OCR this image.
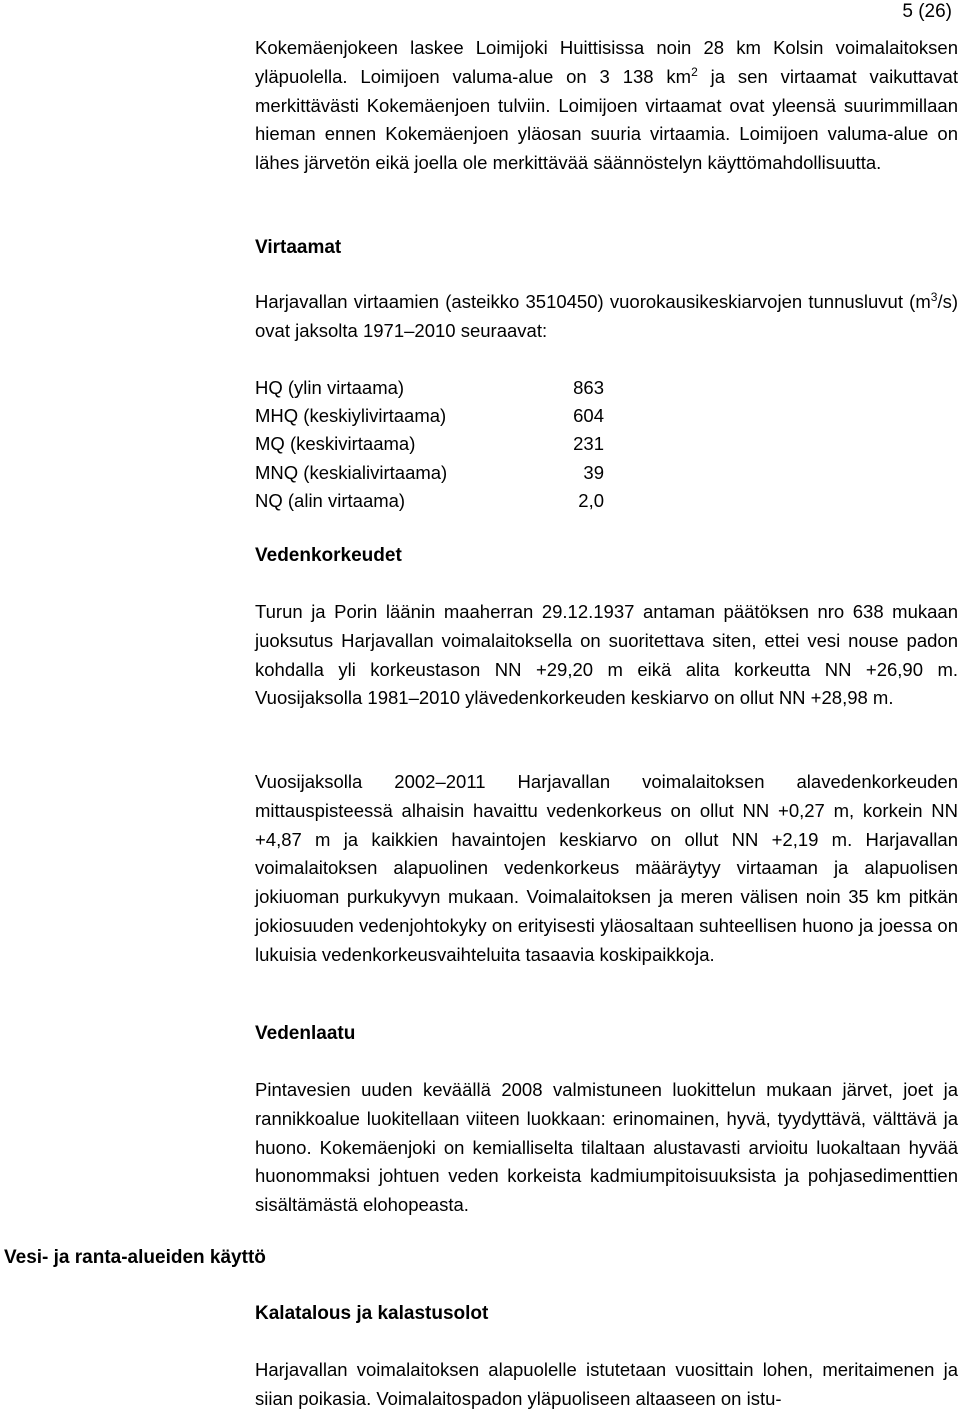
5 (26)

Kokemäenjokeen laskee Loimijoki Huittisissa noin 28 km Kolsin voimalaitoksen yläpuolella. Loimijoen valuma-alue on 3 138 $km^2$ ja sen virtaamat vaikuttavat merkittävästi Kokemäenjoen tulviin. Loimijoen virtaamat ovat yleensä suurimmillaan hieman ennen Kokemäenjoen yläosan suuria virtaamia. Loimijoen valuma-alue on lähes järvetön eikä joella ole merkittävää säännöstelyn käyttömahdollisuutta.

Virtaamat

Harjavallan virtaamien (asteikko 3510450) vuorokausikeskiarvojen tunnusluvut $(m^3/s)$ ovat jaksolta 1971–2010 seuraavat:

HQ (ylin virtaama)	863
MHQ (keskiylivirtaama)	604
MQ (keskivirtaama)	231
MNQ (keskialivirtaama)	39
NQ (alin virtaama)	2,0
Vedenkorkeudet

Turun ja Porin läänin maaherran 29.12.1937 antaman päätöksen nro 638 mukaan juoksutus Harjavallan voimalaitoksella on suoritettava siten, ettei vesi nouse padon kohdalla yli korkeustason NN +29,20 m eikä alita korkeutta NN +26,90 m. Vuosijaksolla 1981–2010 ylävedenkorkeuden keskiarvo on ollut NN +28,98 m.

Vuosijaksolla 2002–2011 Harjavallan voimalaitoksen alavedenkorkeuden mittauspisteessä alhaisin havaittu vedenkorkeus on ollut NN +0,27 m, korkein NN +4,87 m ja kaikkien havaintojen keskiarvo on ollut NN +2,19 m. Harjavallan voimalaitoksen alapuolinen vedenkorkeus määräytyy virtaaman ja alapuolisen jokiuoman purkukyvyn mukaan. Voimalaitoksen ja meren välisen noin 35 km pitkän jokiosuuden vedenjohtokyky on erityisesti yläosaltaan suhteellisen huono ja joessa on lukuisia vedenkorkeusvaihteluita tasaavia koskipaikkoja.

Vedenlaatu

Pintavesien uuden keväällä 2008 valmistuneen luokittelun mukaan järvet, joet ja rannikkoalue luokitellaan viiteen luokkaan: erinomainen, hyvä, tyydyttävä, välttävä ja huono. Kokemäenjoki on kemialliselta tilaltaan alustavasti arvioitu luokaltaan hyvää huonommaksi johtuen veden korkeista kadmiumpitoisuuksista ja pohjasedimenttien sisältämästä elohopeasta.

Vesi- ja ranta-alueiden käyttö
Kalatalous ja kalastusolot

Harjavallan voimalaitoksen alapuolelle istutetaan vuosittain lohen, meritaimenen ja siian poikasia. Voimalaitospadon yläpuoliseen altaaseen on istu-
